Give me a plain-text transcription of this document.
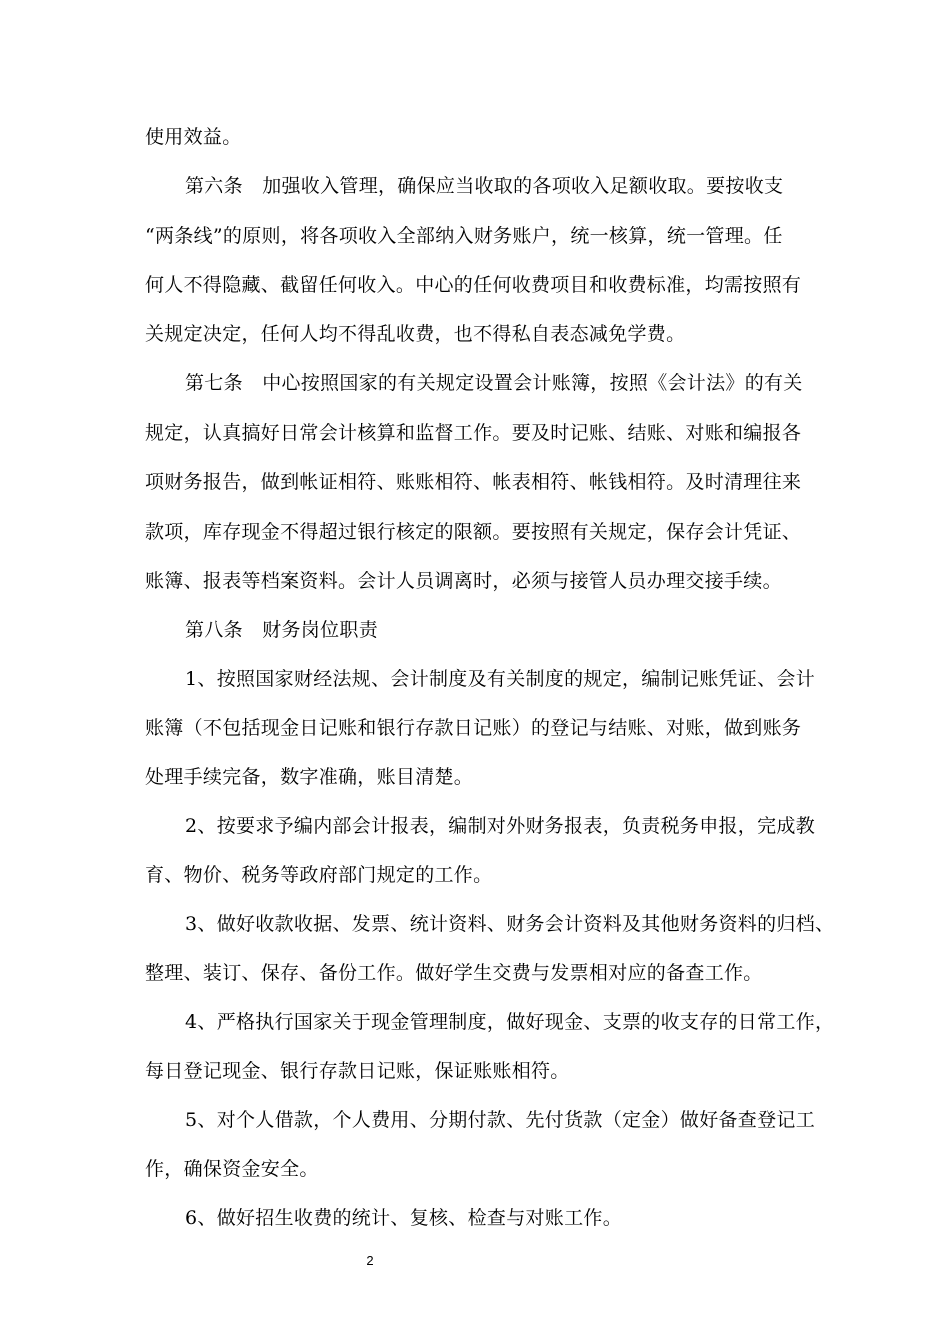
使用效益。
第六条　加强收入管理，确保应当收取的各项收入足额收取。要按收支
“两条线”的原则，将各项收入全部纳入财务账户，统一核算，统一管理。任
何人不得隐藏、截留任何收入。中心的任何收费项目和收费标准，均需按照有
关规定决定，任何人均不得乱收费，也不得私自表态减免学费。
第七条　中心按照国家的有关规定设置会计账簿，按照《会计法》的有关
规定，认真搞好日常会计核算和监督工作。要及时记账、结账、对账和编报各
项财务报告，做到帐证相符、账账相符、帐表相符、帐钱相符。及时清理往来
款项，库存现金不得超过银行核定的限额。要按照有关规定，保存会计凭证、
账簿、报表等档案资料。会计人员调离时，必须与接管人员办理交接手续。
第八条　财务岗位职责
1、按照国家财经法规、会计制度及有关制度的规定，编制记账凭证、会计
账簿（不包括现金日记账和银行存款日记账）的登记与结账、对账，做到账务
处理手续完备，数字准确，账目清楚。
2、按要求予编内部会计报表，编制对外财务报表，负责税务申报，完成教
育、物价、税务等政府部门规定的工作。
3、做好收款收据、发票、统计资料、财务会计资料及其他财务资料的归档、
整理、装订、保存、备份工作。做好学生交费与发票相对应的备查工作。
4、严格执行国家关于现金管理制度，做好现金、支票的收支存的日常工作，
每日登记现金、银行存款日记账，保证账账相符。
5、对个人借款，个人费用、分期付款、先付货款（定金）做好备查登记工
作，确保资金安全。
6、做好招生收费的统计、复核、检查与对账工作。
2
